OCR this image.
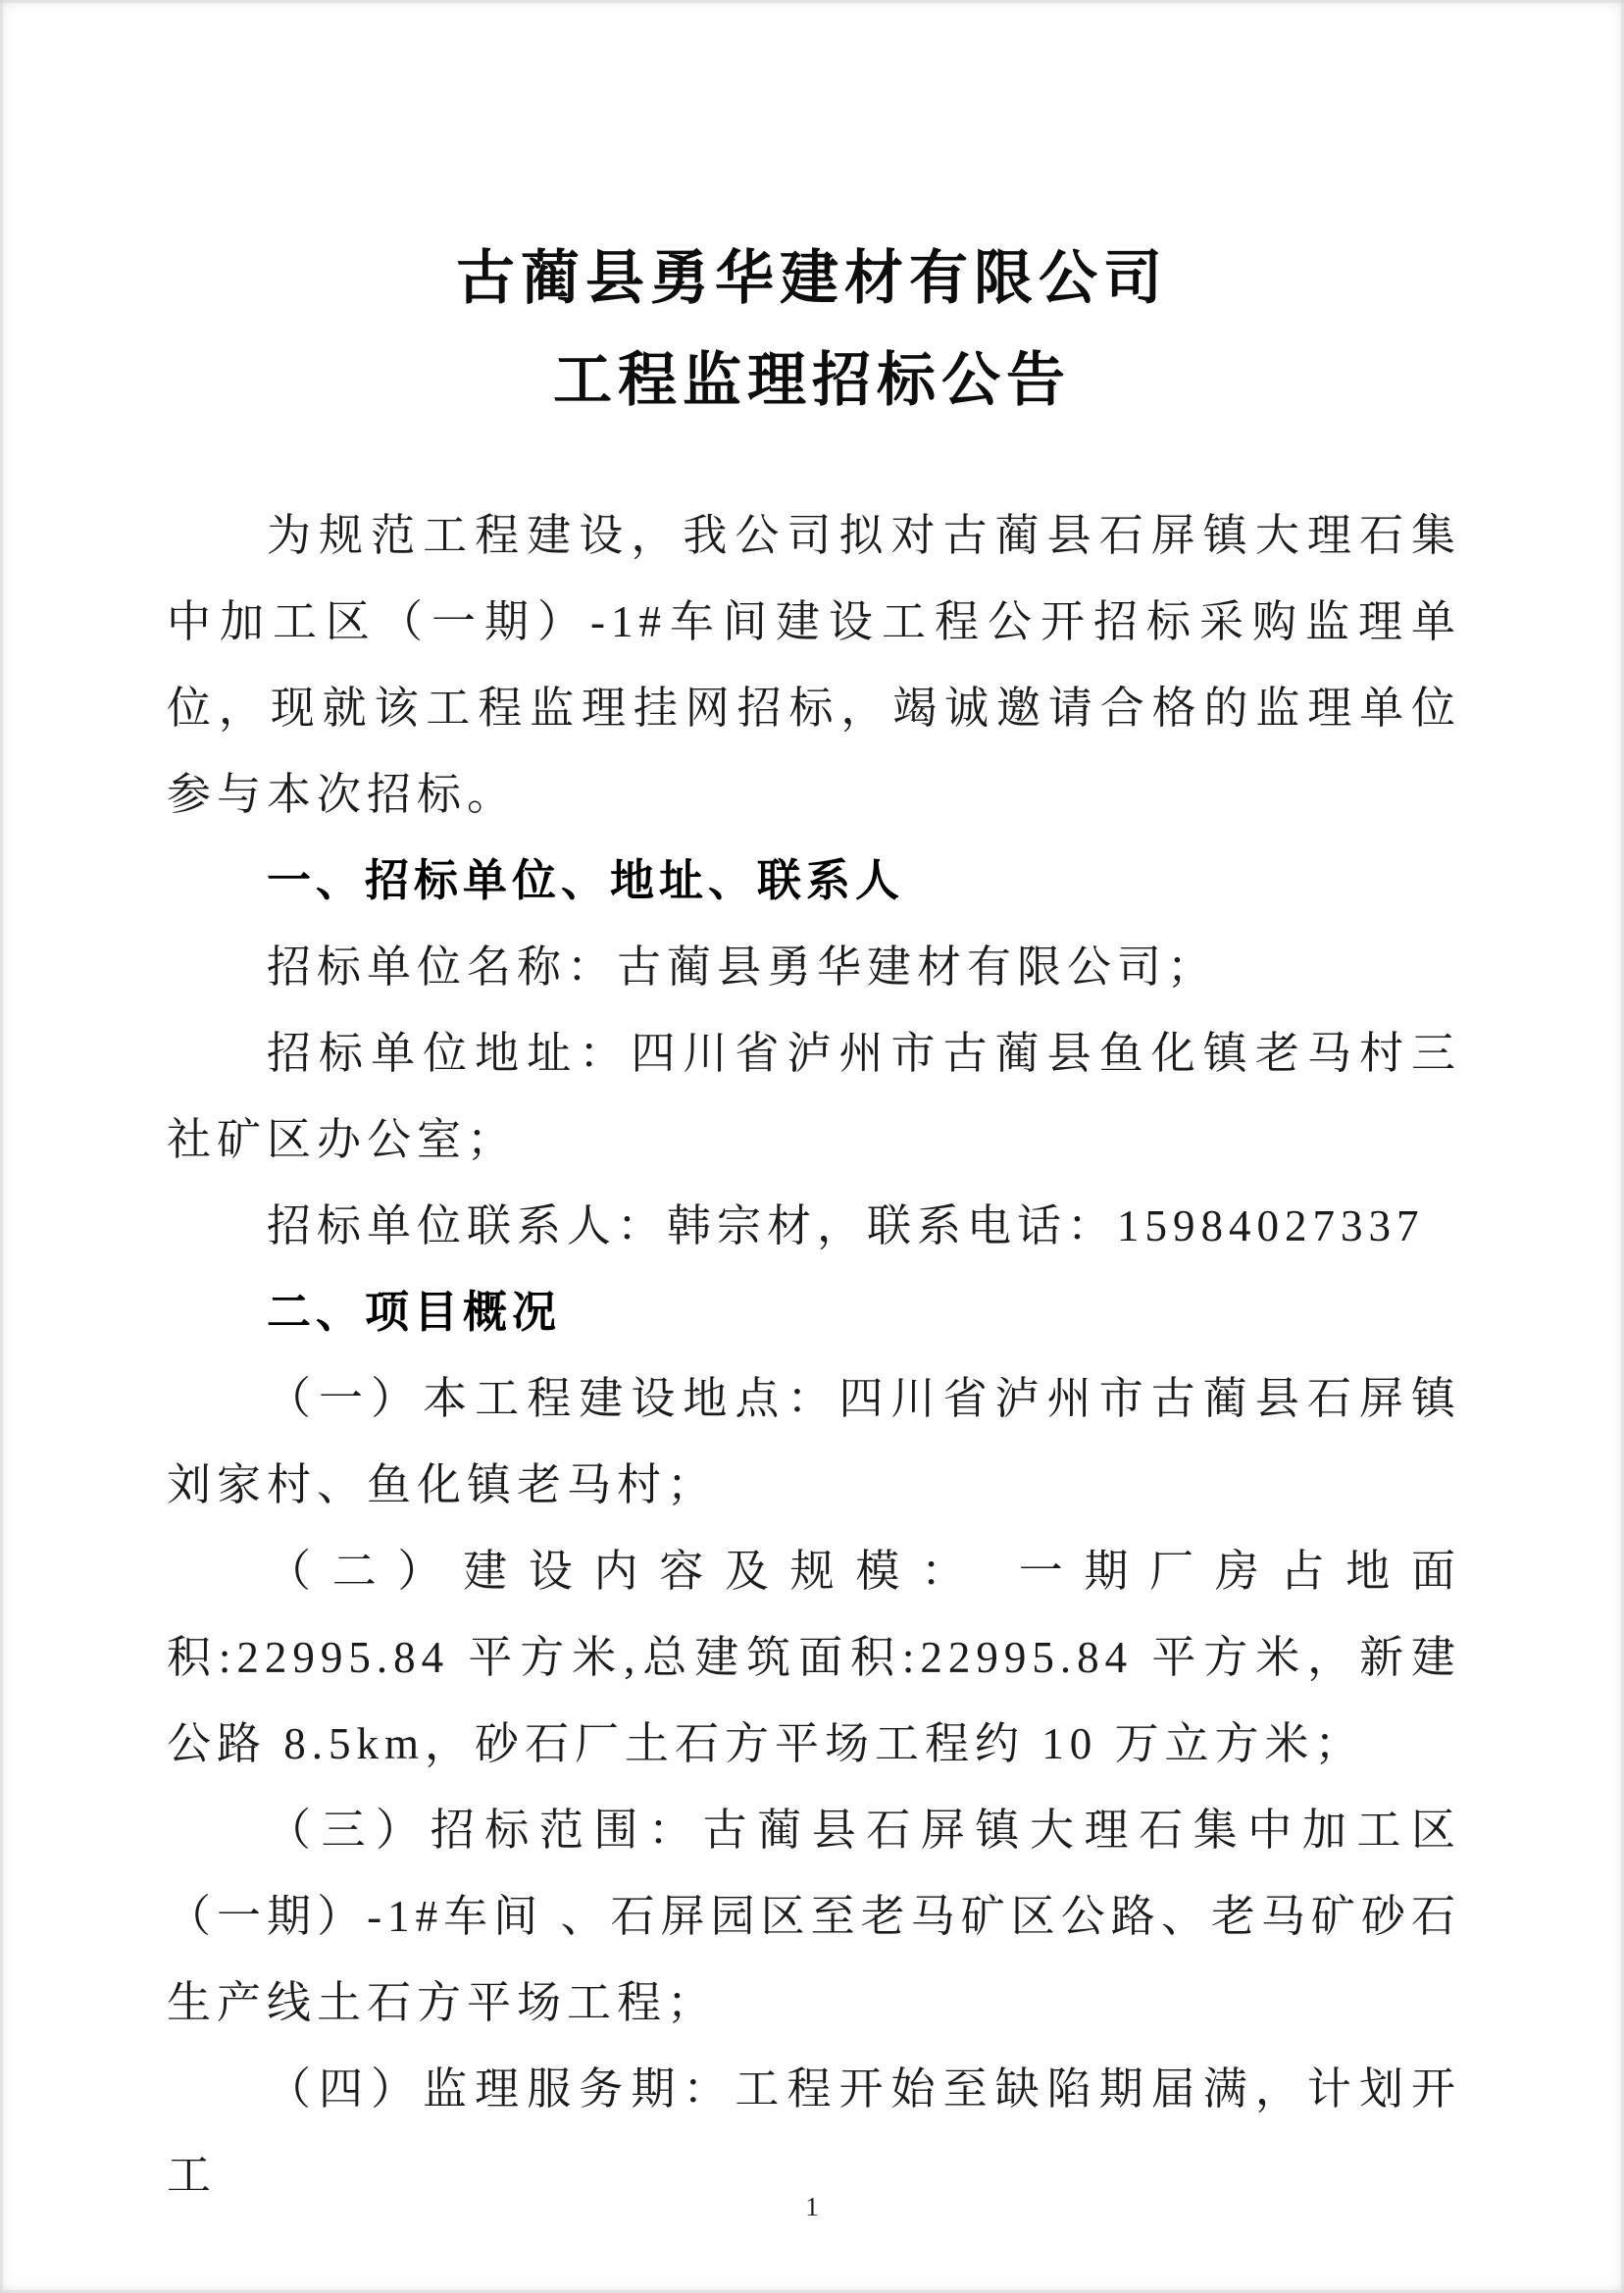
古蔺县勇华建材有限公司
工程监理招标公告

为规范工程建设，我公司拟对古蔺县石屏镇大理石集中加工区（一期）-1#车间建设工程公开招标采购监理单位，现就该工程监理挂网招标，竭诚邀请合格的监理单位参与本次招标。

一、招标单位、地址、联系人

招标单位名称：古蔺县勇华建材有限公司；

招标单位地址：四川省泸州市古蔺县鱼化镇老马村三社矿区办公室；

招标单位联系人：韩宗材，联系电话：15984027337

二、项目概况

（一）本工程建设地点：四川省泸州市古蔺县石屏镇刘家村、鱼化镇老马村；

（二）建设内容及规模： 一期厂房占地面积:22995.84 平方米,总建筑面积:22995.84 平方米，新建公路 8.5km，砂石厂土石方平场工程约 10 万立方米；

（三）招标范围：古蔺县石屏镇大理石集中加工区（一期）-1#车间 、石屏园区至老马矿区公路、老马矿砂石生产线土石方平场工程；

（四）监理服务期：工程开始至缺陷期届满，计划开工

1
